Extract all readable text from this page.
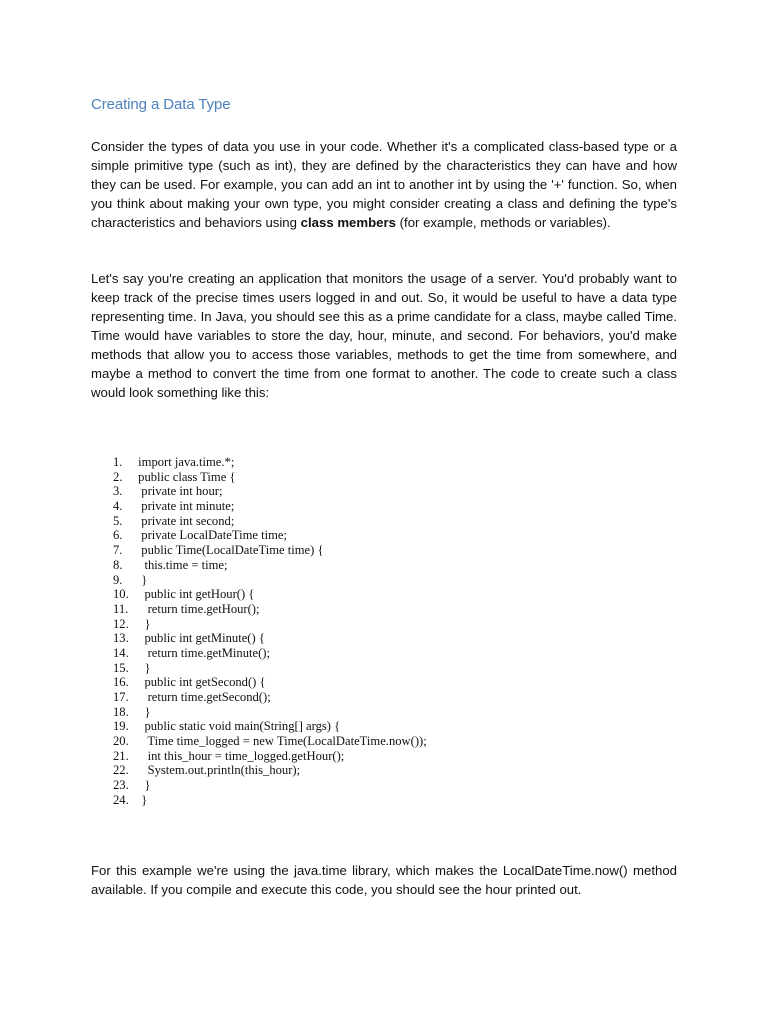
Creating a Data Type

Consider the types of data you use in your code. Whether it's a complicated class-based type or a simple primitive type (such as int), they are defined by the characteristics they can have and how they can be used. For example, you can add an int to another int by using the '+' function. So, when you think about making your own type, you might consider creating a class and defining the type's characteristics and behaviors using class members (for example, methods or variables).

Let's say you're creating an application that monitors the usage of a server. You'd probably want to keep track of the precise times users logged in and out. So, it would be useful to have a data type representing time. In Java, you should see this as a prime candidate for a class, maybe called Time. Time would have variables to store the day, hour, minute, and second. For behaviors, you'd make methods that allow you to access those variables, methods to get the time from somewhere, and maybe a method to convert the time from one format to another. The code to create such a class would look something like this:

1. import java.time.*;
2. public class Time {
3.  private int hour;
4.  private int minute;
5.  private int second;
6.  private LocalDateTime time;
7.  public Time(LocalDateTime time) {
8.   this.time = time;
9.  }
10.   public int getHour() {
11.    return time.getHour();
12.   }
13.   public int getMinute() {
14.    return time.getMinute();
15.   }
16.   public int getSecond() {
17.    return time.getSecond();
18.   }
19.   public static void main(String[] args) {
20.    Time time_logged = new Time(LocalDateTime.now());
21.    int this_hour = time_logged.getHour();
22.    System.out.println(this_hour);
23.   }
24.  }

For this example we're using the java.time library, which makes the LocalDateTime.now() method available. If you compile and execute this code, you should see the hour printed out.
